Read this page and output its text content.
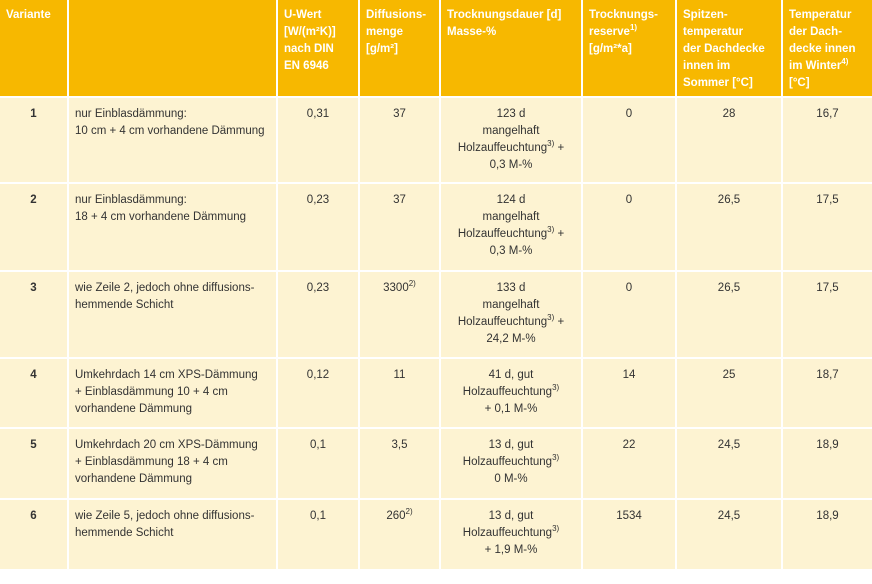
Variante		U-Wert
[W/(m²K)]
nach DIN
EN 6946	Diffusions-
menge
[g/m²]	Trocknungsdauer [d]
Masse-%	Trocknungs-
reserve$^{1)}$
[g/m²*a]	Spitzen-
temperatur
der Dachdecke
innen im
Sommer [°C]	Temperatur
der Dach-
decke innen
im Winter$^{4)}$
[°C]

1	nur Einblasdämmung:
10 cm + 4 cm vorhandene Dämmung	0,31	37	123 d
mangelhaft
Holzauffeuchtung$^{3)}$ +
0,3 M-%	0	28	16,7
2	nur Einblasdämmung:
18 + 4 cm vorhandene Dämmung	0,23	37	124 d
mangelhaft
Holzauffeuchtung$^{3)}$ +
0,3 M-%	0	26,5	17,5
3	wie Zeile 2, jedoch ohne diffusions-
hemmende Schicht	0,23	3300$^{2)}$	133 d
mangelhaft
Holzauffeuchtung$^{3)}$ +
24,2 M-%	0	26,5	17,5
4	Umkehrdach 14 cm XPS-Dämmung
+ Einblasdämmung 10 + 4 cm
vorhandene Dämmung	0,12	11	41 d, gut
Holzauffeuchtung$^{3)}$
+ 0,1 M-%	14	25	18,7
5	Umkehrdach 20 cm XPS-Dämmung
+ Einblasdämmung 18 + 4 cm
vorhandene Dämmung	0,1	3,5	13 d, gut
Holzauffeuchtung$^{3)}$
0 M-%	22	24,5	18,9
6	wie Zeile 5, jedoch ohne diffusions-
hemmende Schicht	0,1	260$^{2)}$	13 d, gut
Holzauffeuchtung$^{3)}$
+ 1,9 M-%	1534	24,5	18,9
